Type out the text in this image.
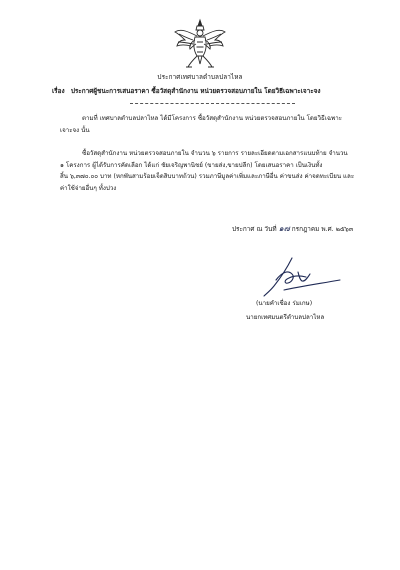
ประกาศเทศบาลตำบลปลาไหล
เรื่อง ประกาศผู้ชนะการเสนอราคา ซื้อวัสดุสำนักงาน หน่วยตรวจสอบภายใน โดยวิธีเฉพาะเจาะจง
ตามที่ เทศบาลตำบลปลาไหล ได้มีโครงการ ซื้อวัสดุสำนักงาน หน่วยตรวจสอบภายใน โดยวิธีเฉพาะ
เจาะจง นั้น
ซื้อวัสดุสำนักงาน หน่วยตรวจสอบภายใน จำนวน ๖ รายการ รายละเอียดตามเอกสารแนบท้าย จำนวน
๑ โครงการ ผู้ได้รับการคัดเลือก ได้แก่ ชัยเจริญพานิชย์ (ขายส่ง,ขายปลีก) โดยเสนอราคา เป็นเงินทั้ง
สิ้น ๖,๓๗๐.๐๐ บาท (หกพันสามร้อยเจ็ดสิบบาทถ้วน) รวมภาษีมูลค่าเพิ่มและภาษีอื่น ค่าขนส่ง ค่าจดทะเบียน และ
ค่าใช้จ่ายอื่นๆ ทั้งปวง
ประกาศ ณ วันที่ ๑๗ กรกฎาคม พ.ศ. ๒๕๖๓
(นายคำเชื่อง ร่มเกษ)
นายกเทศมนตรีตำบลปลาไหล
